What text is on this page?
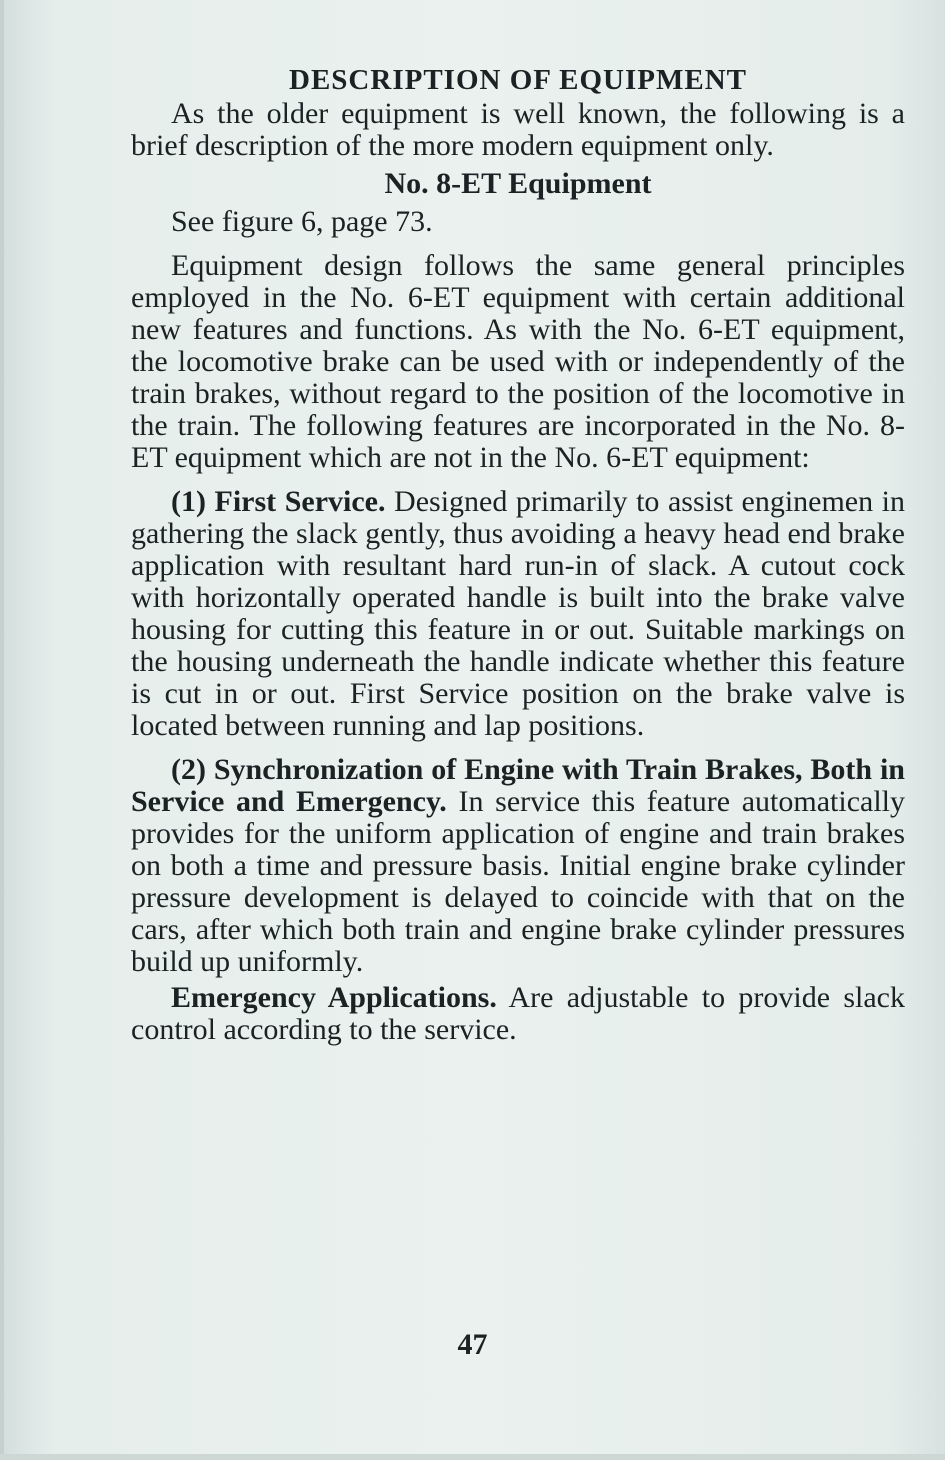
DESCRIPTION OF EQUIPMENT

As the older equipment is well known, the following is a brief description of the more modern equipment only.

No. 8-ET Equipment

See figure 6, page 73.

Equipment design follows the same general principles employed in the No. 6-ET equipment with certain additional new features and functions. As with the No. 6-ET equipment, the locomotive brake can be used with or independently of the train brakes, without regard to the position of the locomotive in the train. The following features are incorporated in the No. 8-ET equipment which are not in the No. 6-ET equipment:

(1) First Service. Designed primarily to assist enginemen in gathering the slack gently, thus avoiding a heavy head end brake application with resultant hard run-in of slack. A cutout cock with horizontally operated handle is built into the brake valve housing for cutting this feature in or out. Suitable markings on the housing underneath the handle indicate whether this feature is cut in or out. First Service position on the brake valve is located between running and lap positions.

(2) Synchronization of Engine with Train Brakes, Both in Service and Emergency. In service this feature automatically provides for the uniform application of engine and train brakes on both a time and pressure basis. Initial engine brake cylinder pressure development is delayed to coincide with that on the cars, after which both train and engine brake cylinder pressures build up uniformly.

Emergency Applications. Are adjustable to provide slack control according to the service.

47
